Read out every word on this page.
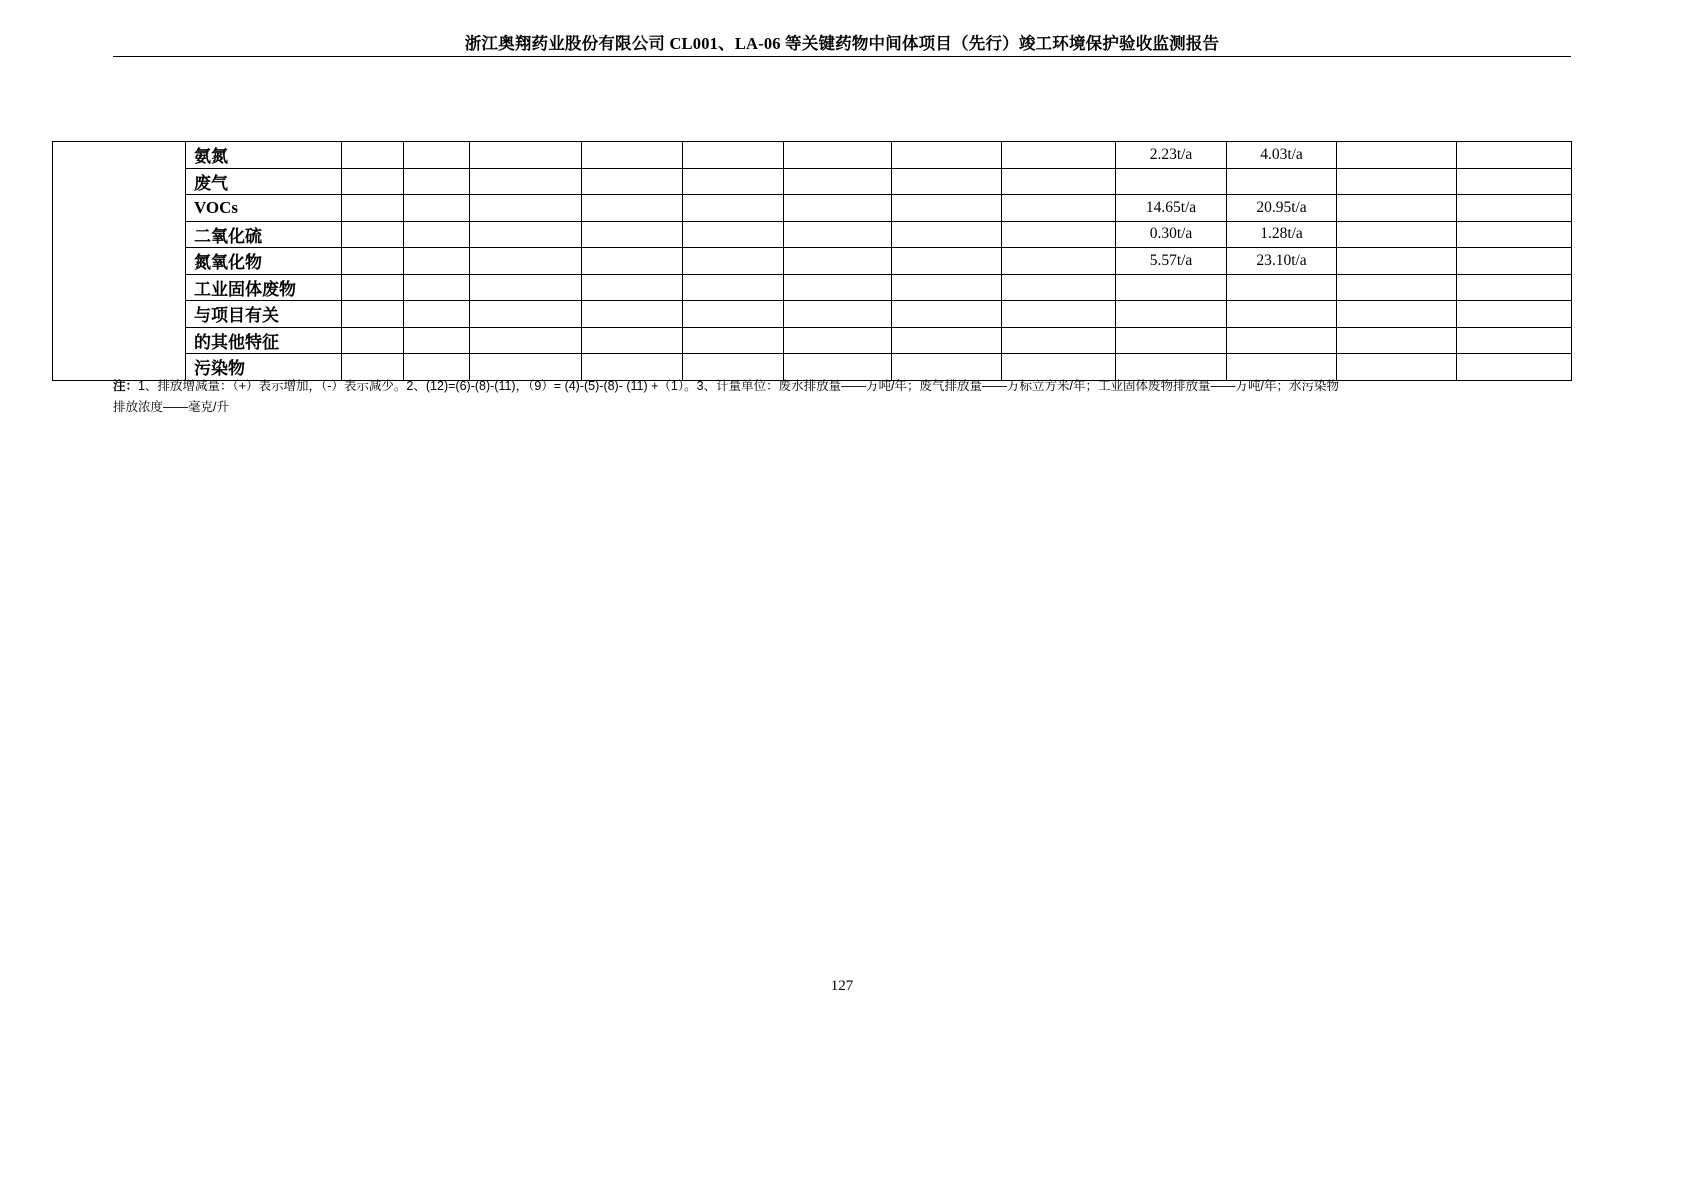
浙江奥翔药业股份有限公司 CL001、LA-06 等关键药物中间体项目（先行）竣工环境保护验收监测报告
	氨氮									2.23t/a	4.03t/a		
	废气												
	VOCs									14.65t/a	20.95t/a		
	二氧化硫									0.30t/a	1.28t/a		
	氮氧化物									5.57t/a	23.10t/a		
	工业固体废物												
	与项目有关												
	的其他特征												
	污染物												
注：1、排放增减量：（+）表示增加，（-）表示减少。2、(12)=(6)-(8)-(11)，（9）= (4)-(5)-(8)- (11) +（1）。3、计量单位：废水排放量——万吨/年；废气排放量——万标立方米/年；工业固体废物排放量——万吨/年；水污染物
排放浓度——毫克/升
127
